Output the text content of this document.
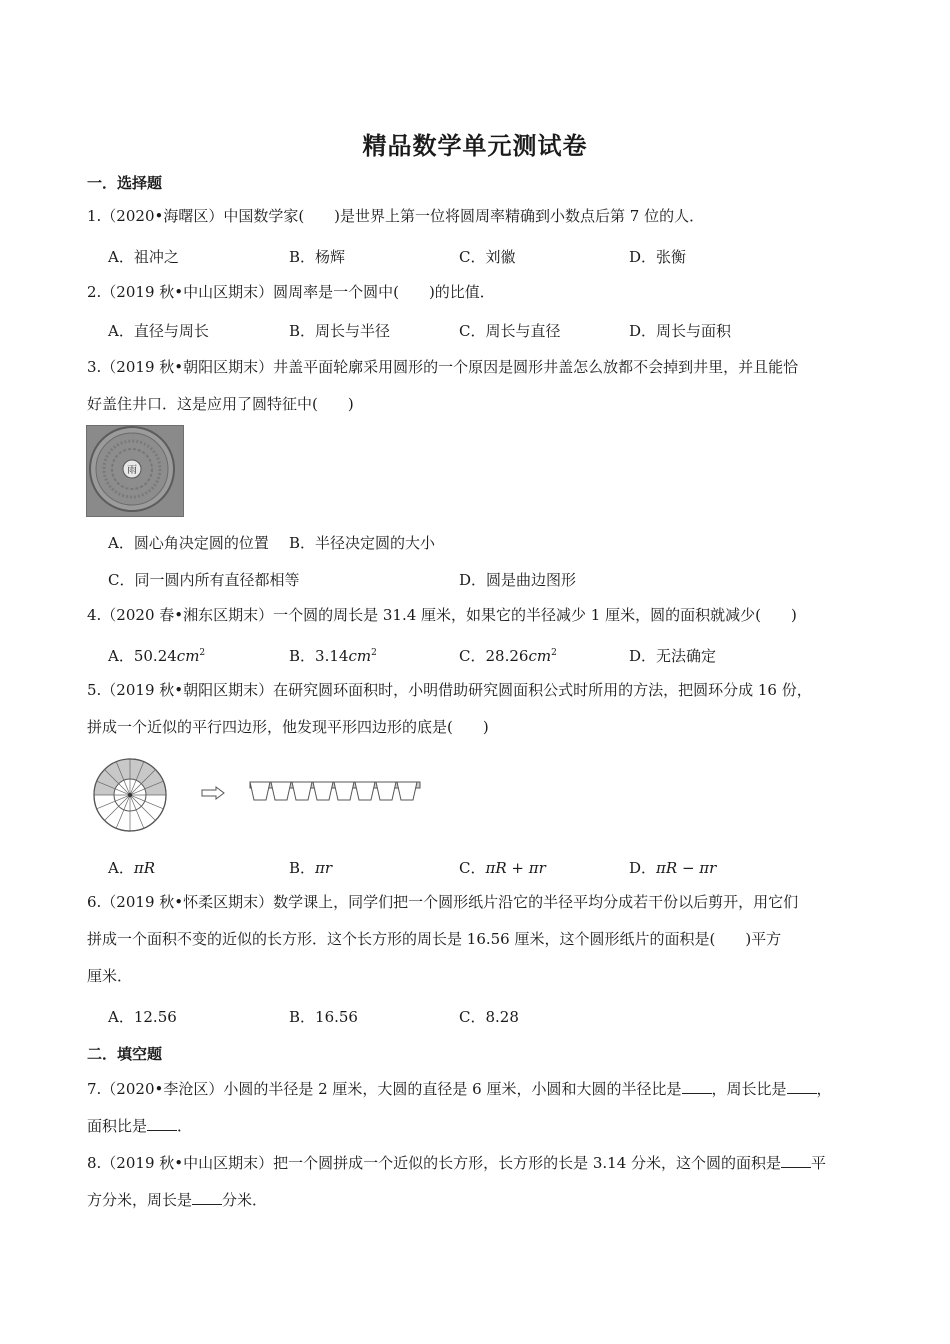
精品数学单元测试卷
一．选择题
1.（2020•海曙区）中国数学家(　　)是世界上第一位将圆周率精确到小数点后第 7 位的人．
A．祖冲之	B．杨辉	C．刘徽	D．张衡
2.（2019 秋•中山区期末）圆周率是一个圆中(　　)的比值．
A．直径与周长	B．周长与半径	C．周长与直径	D．周长与面积
3.（2019 秋•朝阳区期末）井盖平面轮廓采用圆形的一个原因是圆形井盖怎么放都不会掉到井里，并且能恰
好盖住井口．这是应用了圆特征中(　　)
雨
A．圆心角决定圆的位置 B．半径决定圆的大小
C．同一圆内所有直径都相等	D．圆是曲边图形
4.（2020 春•湘东区期末）一个圆的周长是 31.4 厘米，如果它的半径减少 1 厘米，圆的面积就减少(　　)
A．$50.24cm^2$	B．$3.14cm^2$	C．$28.26cm^2$	D．无法确定
5.（2019 秋•朝阳区期末）在研究圆环面积时，小明借助研究圆面积公式时所用的方法，把圆环分成 16 份，
拼成一个近似的平行四边形，他发现平形四边形的底是(　　)
A．πR	B．πr	C．πR + πr	D．πR − πr
6.（2019 秋•怀柔区期末）数学课上，同学们把一个圆形纸片沿它的半径平均分成若干份以后剪开，用它们
拼成一个面积不变的近似的长方形．这个长方形的周长是 16.56 厘米，这个圆形纸片的面积是(　　)平方
厘米．
A．12.56	B．16.56	C．8.28
二．填空题
7.（2020•李沧区）小圆的半径是 2 厘米，大圆的直径是 6 厘米，小圆和大圆的半径比是 ，周长比是 ，
面积比是 ．
8.（2019 秋•中山区期末）把一个圆拼成一个近似的长方形，长方形的长是 3.14 分米，这个圆的面积是 平
方分米，周长是 分米．
